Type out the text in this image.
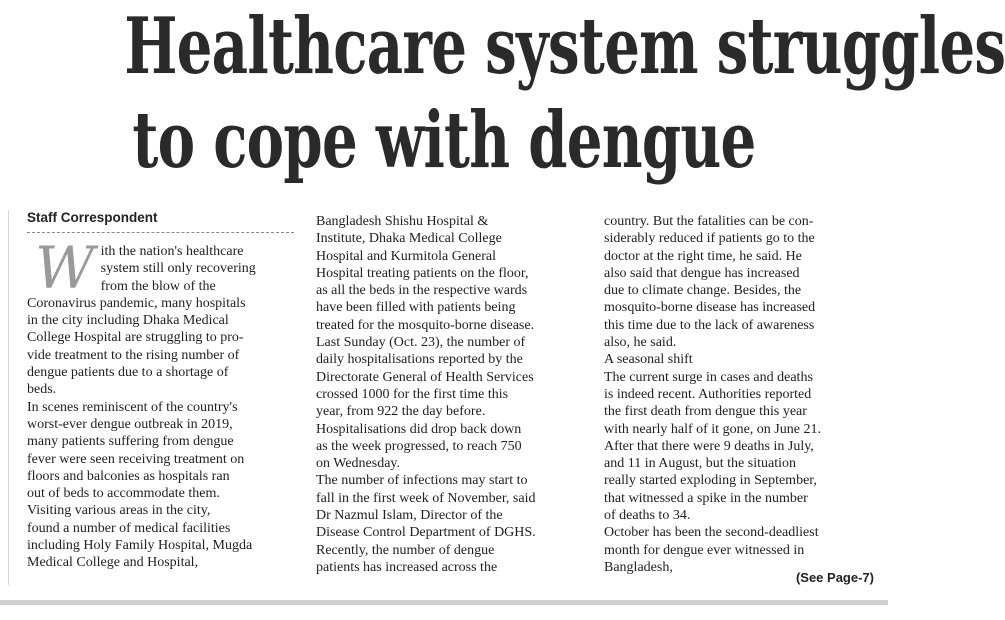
Healthcare system struggles
to cope with dengue
Staff Correspondent
W ith the nation's healthcare

system still only recovering

from the blow of the

Coronavirus pandemic, many hospitals

in the city including Dhaka Medical

College Hospital are struggling to pro-

vide treatment to the rising number of

dengue patients due to a shortage of

beds.

In scenes reminiscent of the country's

worst-ever dengue outbreak in 2019,

many patients suffering from dengue

fever were seen receiving treatment on

floors and balconies as hospitals ran

out of beds to accommodate them.

Visiting various areas in the city,

found a number of medical facilities

including Holy Family Hospital, Mugda

Medical College and Hospital,

Bangladesh Shishu Hospital &

Institute, Dhaka Medical College

Hospital and Kurmitola General

Hospital treating patients on the floor,

as all the beds in the respective wards

have been filled with patients being

treated for the mosquito-borne disease.

Last Sunday (Oct. 23), the number of

daily hospitalisations reported by the

Directorate General of Health Services

crossed 1000 for the first time this

year, from 922 the day before.

Hospitalisations did drop back down

as the week progressed, to reach 750

on Wednesday.

The number of infections may start to

fall in the first week of November, said

Dr Nazmul Islam, Director of the

Disease Control Department of DGHS.

Recently, the number of dengue

patients has increased across the

country. But the fatalities can be con-

siderably reduced if patients go to the

doctor at the right time, he said. He

also said that dengue has increased

due to climate change. Besides, the

mosquito-borne disease has increased

this time due to the lack of awareness

also, he said.

A seasonal shift

The current surge in cases and deaths

is indeed recent. Authorities reported

the first death from dengue this year

with nearly half of it gone, on June 21.

After that there were 9 deaths in July,

and 11 in August, but the situation

really started exploding in September,

that witnessed a spike in the number

of deaths to 34.

October has been the second-deadliest

month for dengue ever witnessed in

Bangladesh,

(See Page-7)
